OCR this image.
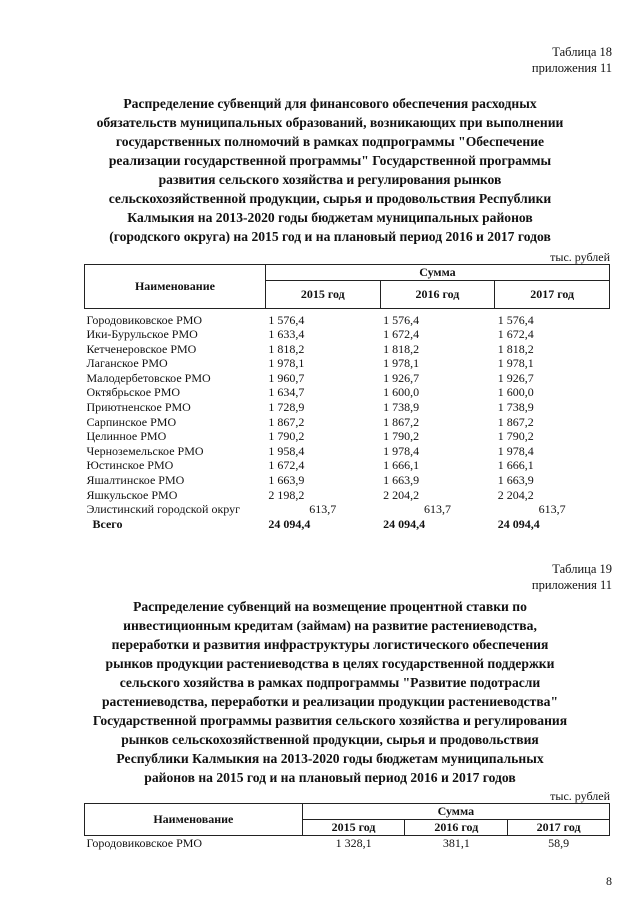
Таблица 18
приложения 11
Распределение субвенций для финансового обеспечения расходных
обязательств муниципальных образований, возникающих при выполнении
государственных полномочий в рамках подпрограммы "Обеспечение
реализации государственной программы" Государственной программы
развития сельского хозяйства и регулирования рынков
сельскохозяйственной продукции, сырья и продовольствия Республики
Калмыкия на 2013-2020 годы бюджетам муниципальных районов
(городского округа) на 2015 год и на плановый период 2016 и 2017 годов
тыс. рублей
Наименование	Сумма		
	2015 год	2016 год	2017 год

Городовиковское РМО	1 576,4	1 576,4	1 576,4
Ики-Бурульское РМО	1 633,4	1 672,4	1 672,4
Кетченеровское РМО	1 818,2	1 818,2	1 818,2
Лаганское РМО	1 978,1	1 978,1	1 978,1
Малодербетовское РМО	1 960,7	1 926,7	1 926,7
Октябрьское РМО	1 634,7	1 600,0	1 600,0
Приютненское РМО	1 728,9	1 738,9	1 738,9
Сарпинское РМО	1 867,2	1 867,2	1 867,2
Целинное РМО	1 790,2	1 790,2	1 790,2
Черноземельское РМО	1 958,4	1 978,4	1 978,4
Юстинское РМО	1 672,4	1 666,1	1 666,1
Яшалтинское РМО	1 663,9	1 663,9	1 663,9
Яшкульское РМО	2 198,2	2 204,2	2 204,2
Элистинский городской округ	613,7	613,7	613,7
Всего	24 094,4	24 094,4	24 094,4
Таблица 19
приложения 11
Распределение субвенций на возмещение процентной ставки по
инвестиционным кредитам (займам) на развитие растениеводства,
переработки и развития инфраструктуры логистического обеспечения
рынков продукции растениеводства в целях государственной поддержки
сельского хозяйства в рамках подпрограммы "Развитие подотрасли
растениеводства, переработки и реализации продукции растениеводства"
Государственной программы развития сельского хозяйства и регулирования
рынков сельскохозяйственной продукции, сырья и продовольствия
Республики Калмыкия на 2013-2020 годы бюджетам муниципальных
районов на 2015 год и на плановый период 2016 и 2017 годов
тыс. рублей
Наименование	Сумма		
	2015 год	2016 год	2017 год
Городовиковское РМО	1 328,1	381,1	58,9
8
